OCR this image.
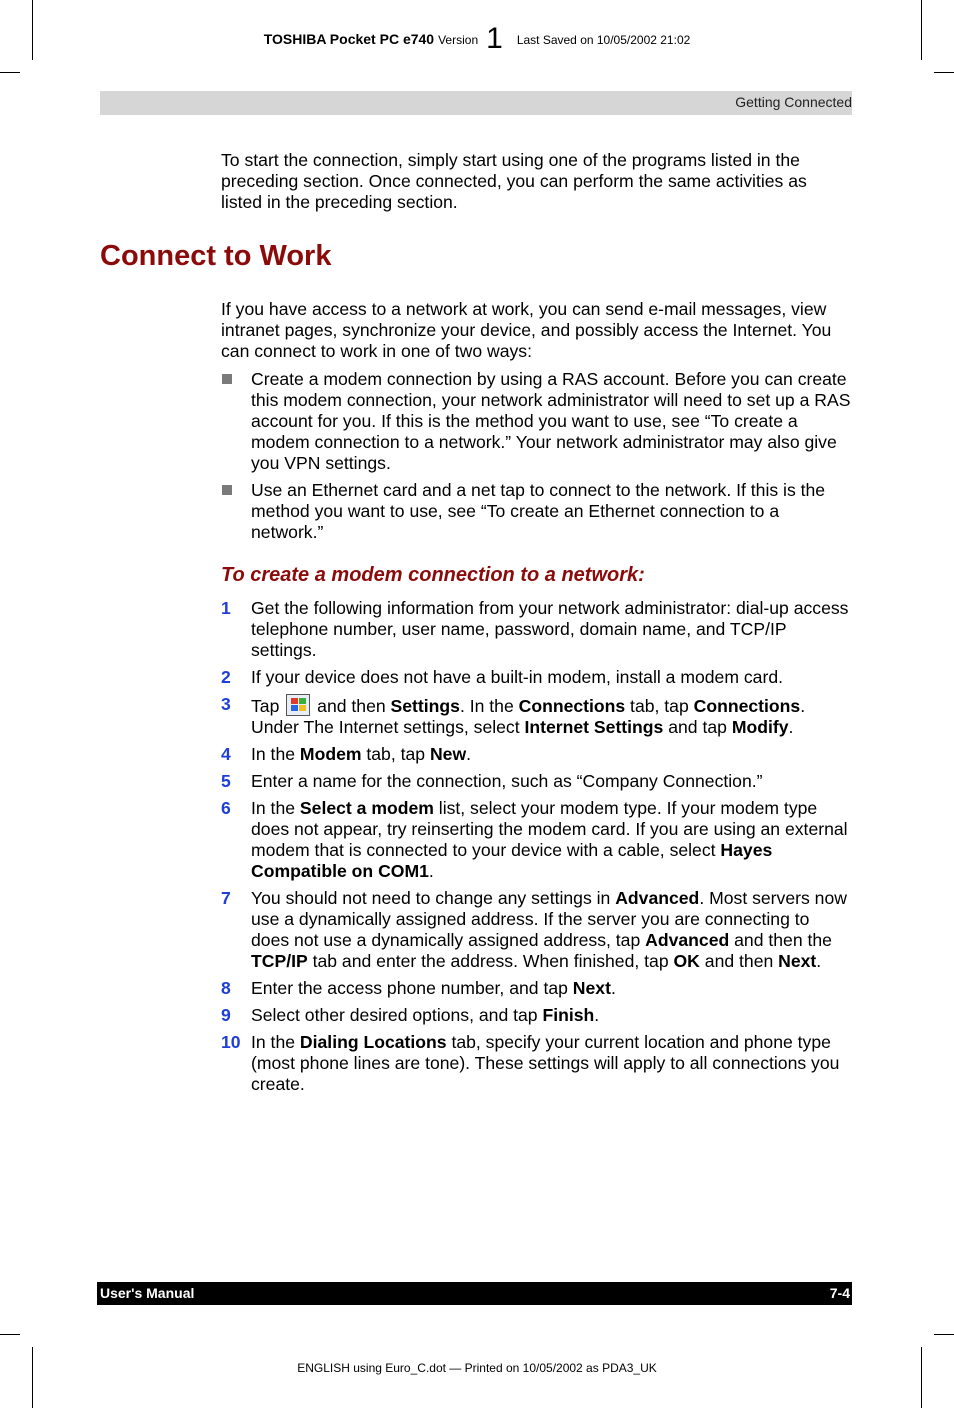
TOSHIBA Pocket PC e740 Version 1 Last Saved on 10/05/2002 21:02
Getting Connected

To start the connection, simply start using one of the programs listed in the preceding section. Once connected, you can perform the same activities as listed in the preceding section.

Connect to Work

If you have access to a network at work, you can send e-mail messages, view intranet pages, synchronize your device, and possibly access the Internet. You can connect to work in one of two ways:

Create a modem connection by using a RAS account. Before you can create this modem connection, your network administrator will need to set up a RAS account for you. If this is the method you want to use, see “To create a modem connection to a network.” Your network administrator may also give you VPN settings.
Use an Ethernet card and a net tap to connect to the network. If this is the method you want to use, see “To create an Ethernet connection to a network.”
To create a modem connection to a network:
1 Get the following information from your network administrator: dial-up access telephone number, user name, password, domain name, and TCP/IP settings.
2 If your device does not have a built-in modem, install a modem card.
3 Tap
and then Settings. In the Connections tab, tap Connections. Under The Internet settings, select Internet Settings and tap Modify.
4 In the Modem tab, tap New.
5 Enter a name for the connection, such as “Company Connection.”
6 In the Select a modem list, select your modem type. If your modem type does not appear, try reinserting the modem card. If you are using an external modem that is connected to your device with a cable, select Hayes Compatible on COM1.
7 You should not need to change any settings in Advanced. Most servers now use a dynamically assigned address. If the server you are connecting to does not use a dynamically assigned address, tap Advanced and then the TCP/IP tab and enter the address. When finished, tap OK and then Next.
8 Enter the access phone number, and tap Next.
9 Select other desired options, and tap Finish.
10 In the Dialing Locations tab, specify your current location and phone type (most phone lines are tone). These settings will apply to all connections you create.
User's Manual	7-4
ENGLISH using Euro_C.dot — Printed on 10/05/2002 as PDA3_UK
